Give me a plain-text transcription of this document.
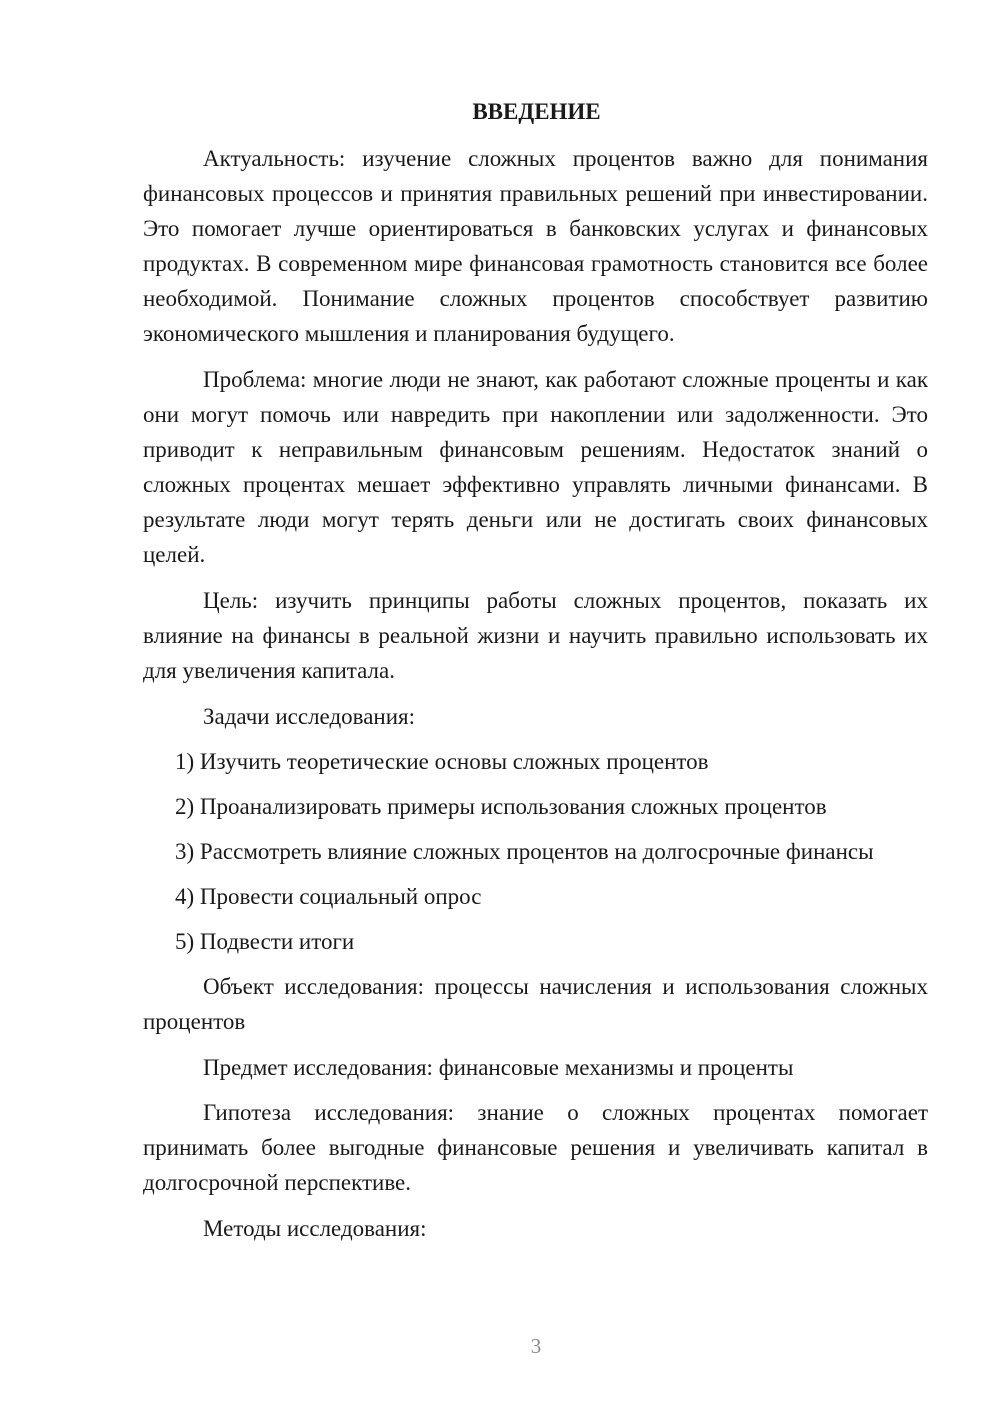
ВВЕДЕНИЕ
Актуальность: изучение сложных процентов важно для понимания финансовых процессов и принятия правильных решений при инвестировании. Это помогает лучше ориентироваться в банковских услугах и финансовых продуктах. В современном мире финансовая грамотность становится все более необходимой. Понимание сложных процентов способствует развитию экономического мышления и планирования будущего.
Проблема: многие люди не знают, как работают сложные проценты и как они могут помочь или навредить при накоплении или задолженности. Это приводит к неправильным финансовым решениям. Недостаток знаний о сложных процентах мешает эффективно управлять личными финансами. В результате люди могут терять деньги или не достигать своих финансовых целей.
Цель: изучить принципы работы сложных процентов, показать их влияние на финансы в реальной жизни и научить правильно использовать их для увеличения капитала.
Задачи исследования:
1) Изучить теоретические основы сложных процентов
2) Проанализировать примеры использования сложных процентов
3) Рассмотреть влияние сложных процентов на долгосрочные финансы
4) Провести социальный опрос
5) Подвести итоги
Объект исследования: процессы начисления и использования сложных процентов
Предмет исследования: финансовые механизмы и проценты
Гипотеза исследования: знание о сложных процентах помогает принимать более выгодные финансовые решения и увеличивать капитал в долгосрочной перспективе.
Методы исследования:
3
